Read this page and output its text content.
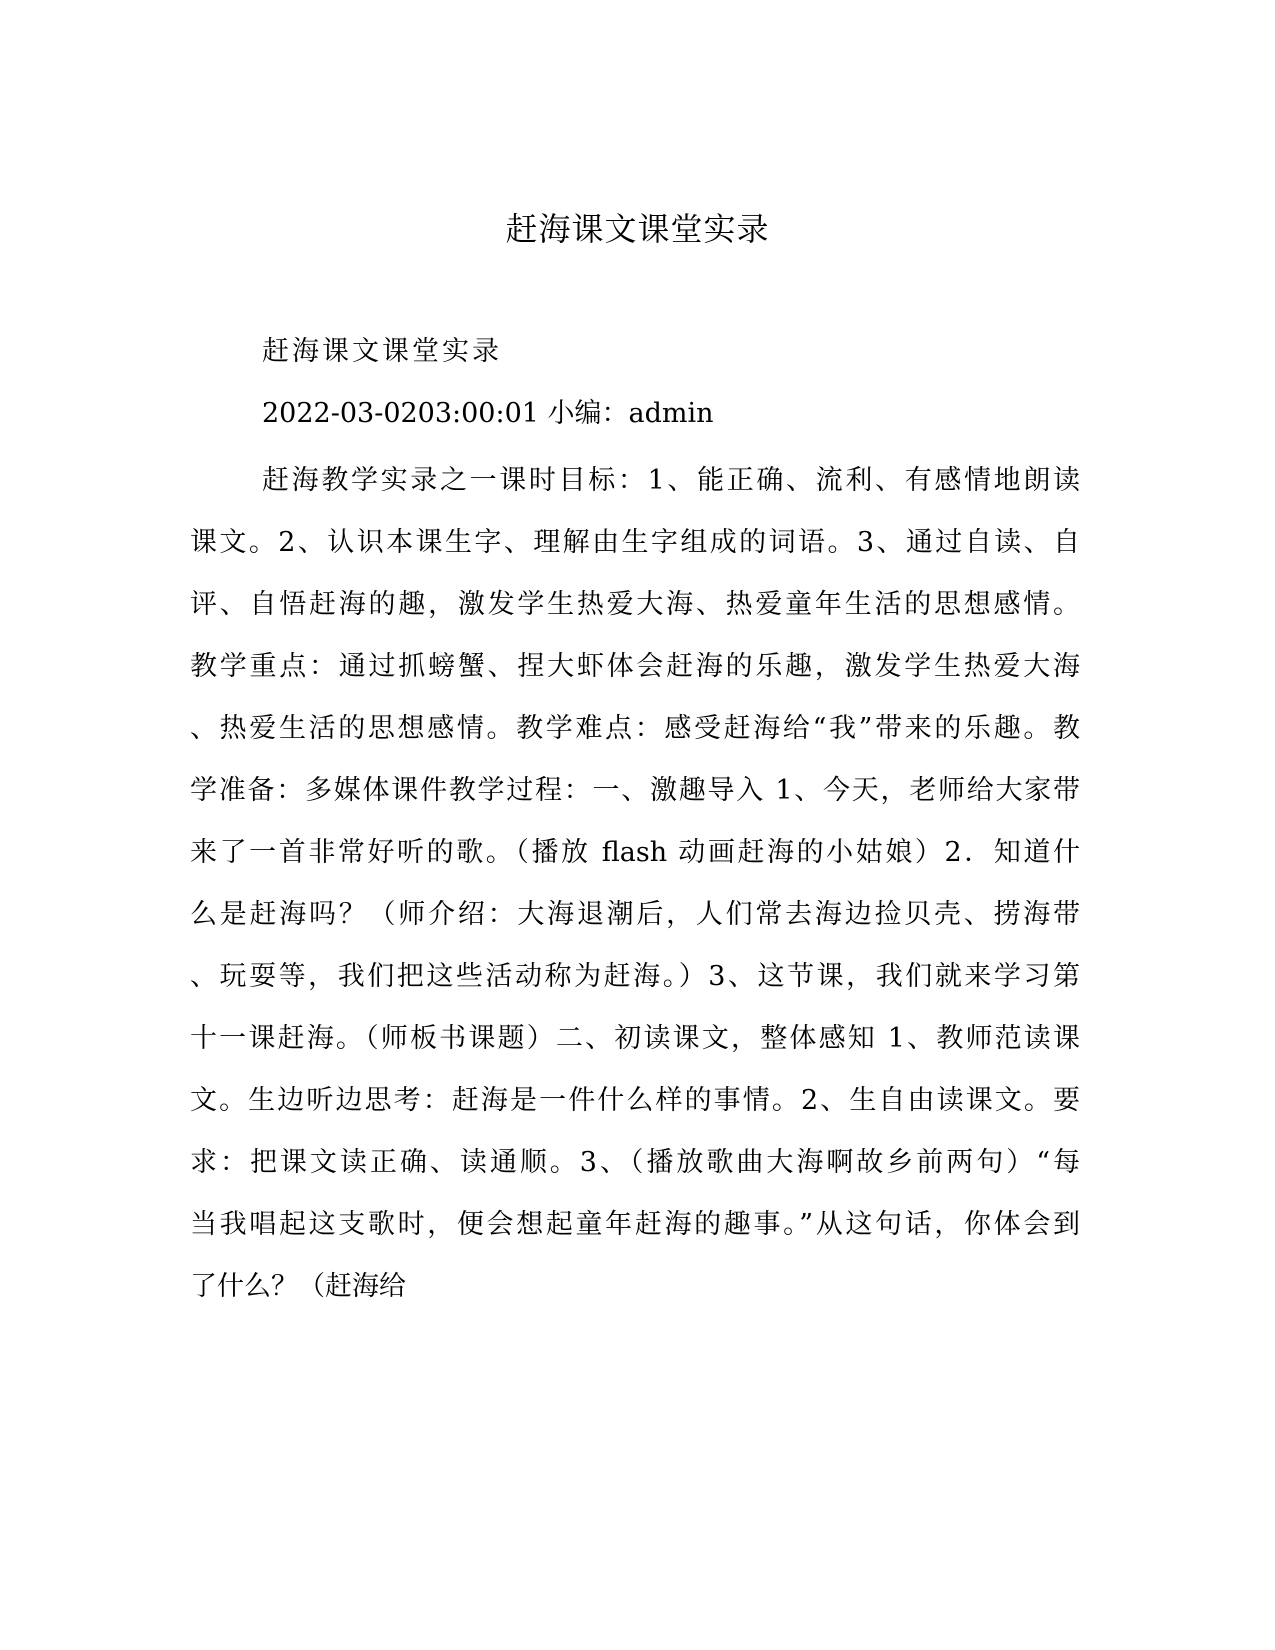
赶海课文课堂实录

赶海课文课堂实录

2022-03-0203:00:01 小编：admin

赶海教学实录之一课时目标：1、能正确、流利、有感情地朗读
课文。2、认识本课生字、理解由生字组成的词语。3、通过自读、自
评、自悟赶海的趣，激发学生热爱大海、热爱童年生活的思想感情。
教学重点：通过抓螃蟹、捏大虾体会赶海的乐趣，激发学生热爱大海
、热爱生活的思想感情。教学难点：感受赶海给“我”带来的乐趣。教
学准备：多媒体课件教学过程：一、激趣导入 1、今天，老师给大家带
来了一首非常好听的歌。（播放 flash 动画赶海的小姑娘）2．知道什
么是赶海吗？（师介绍：大海退潮后，人们常去海边捡贝壳、捞海带
、玩耍等，我们把这些活动称为赶海。）3、这节课，我们就来学习第
十一课赶海。（师板书课题）二、初读课文，整体感知 1、教师范读课
文。生边听边思考：赶海是一件什么样的事情。2、生自由读课文。要
求：把课文读正确、读通顺。3、（播放歌曲大海啊故乡前两句）“每
当我唱起这支歌时，便会想起童年赶海的趣事。”从这句话，你体会到
了什么？（赶海给
